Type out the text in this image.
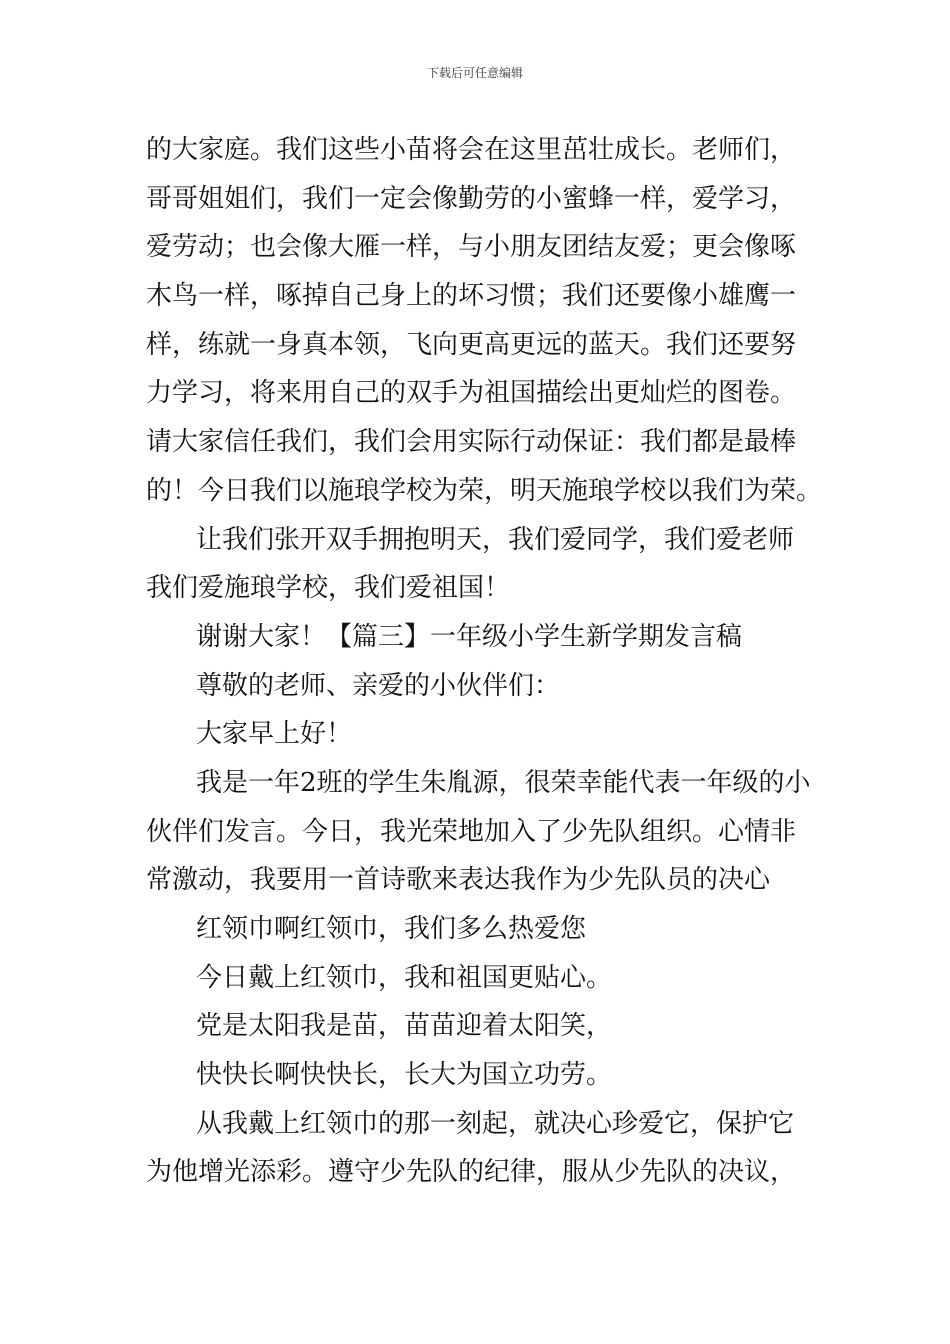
下载后可任意编辑
的大家庭。我们这些小苗将会在这里茁壮成长。老师们，
哥哥姐姐们，我们一定会像勤劳的小蜜蜂一样，爱学习，
爱劳动；也会像大雁一样，与小朋友团结友爱；更会像啄
木鸟一样，啄掉自己身上的坏习惯；我们还要像小雄鹰一
样，练就一身真本领，飞向更高更远的蓝天。我们还要努
力学习，将来用自己的双手为祖国描绘出更灿烂的图卷。
请大家信任我们，我们会用实际行动保证：我们都是最棒
的！今日我们以施琅学校为荣，明天施琅学校以我们为荣。
让我们张开双手拥抱明天，我们爱同学，我们爱老师
我们爱施琅学校，我们爱祖国！
谢谢大家！【篇三】一年级小学生新学期发言稿
尊敬的老师、亲爱的小伙伴们：
大家早上好！
我是一年2班的学生朱胤源，很荣幸能代表一年级的小
伙伴们发言。今日，我光荣地加入了少先队组织。心情非
常激动，我要用一首诗歌来表达我作为少先队员的决心
红领巾啊红领巾，我们多么热爱您
今日戴上红领巾，我和祖国更贴心。
党是太阳我是苗，苗苗迎着太阳笑，
快快长啊快快长，长大为国立功劳。
从我戴上红领巾的那一刻起，就决心珍爱它，保护它
为他增光添彩。遵守少先队的纪律，服从少先队的决议，
